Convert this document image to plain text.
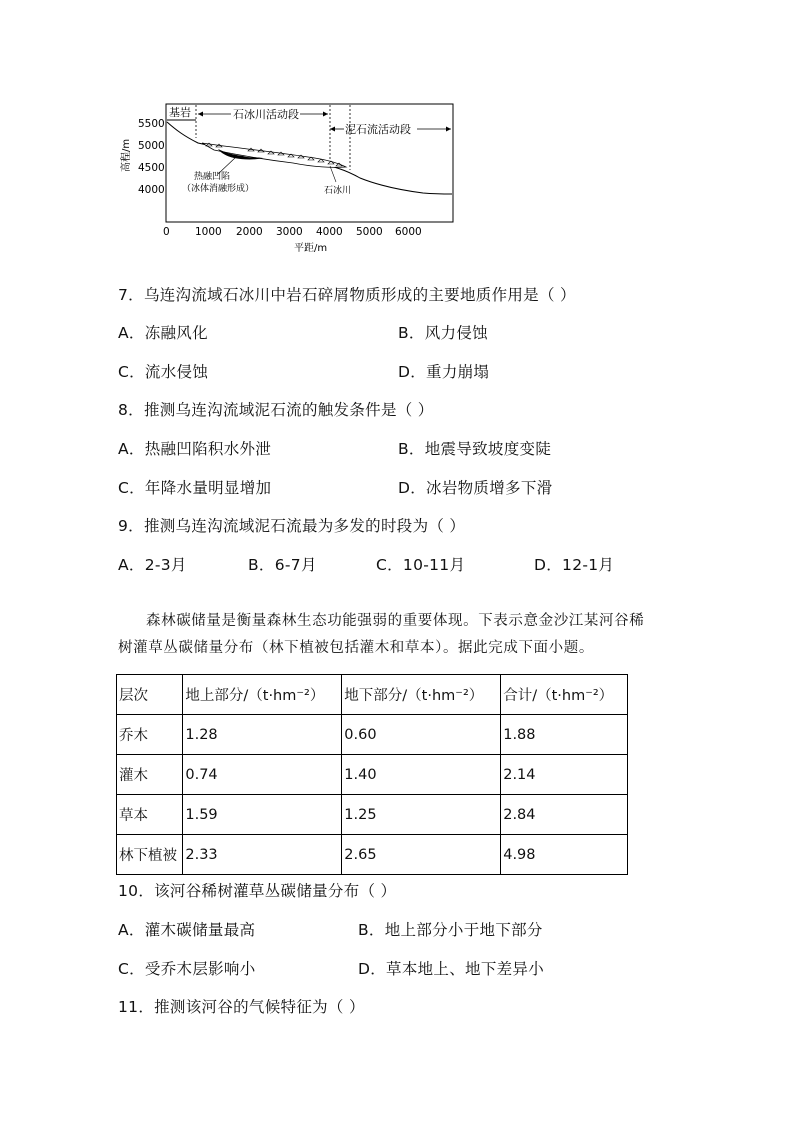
基岩	石冰川活动段
泥石流活动段
热融凹陷
（冰体消融形成）	石冰川
高程/m
5500
5000
4500
4000
0 1000 2000 3000 4000 5000 6000
平距/m
7．乌连沟流域石冰川中岩石碎屑物质形成的主要地质作用是（ ）
A．冻融风化	B．风力侵蚀
C．流水侵蚀	D．重力崩塌
8．推测乌连沟流域泥石流的触发条件是（ ）
A．热融凹陷积水外泄	B．地震导致坡度变陡
C．年降水量明显增加	D．冰岩物质增多下滑
9．推测乌连沟流域泥石流最为多发的时段为（ ）
A．2-3月	B．6-7月	C．10-11月	D．12-1月
森林碳储量是衡量森林生态功能强弱的重要体现。下表示意金沙江某河谷稀
树灌草丛碳储量分布（林下植被包括灌木和草本）。据此完成下面小题。
层次	地上部分/（t·hm⁻²）	地下部分/（t·hm⁻²）	合计/（t·hm⁻²）
乔木	1.28	0.60	1.88
灌木	0.74	1.40	2.14
草本	1.59	1.25	2.84
林下植被	2.33	2.65	4.98
10．该河谷稀树灌草丛碳储量分布（ ）
A．灌木碳储量最高	B．地上部分小于地下部分
C．受乔木层影响小	D．草本地上、地下差异小
11．推测该河谷的气候特征为（ ）
